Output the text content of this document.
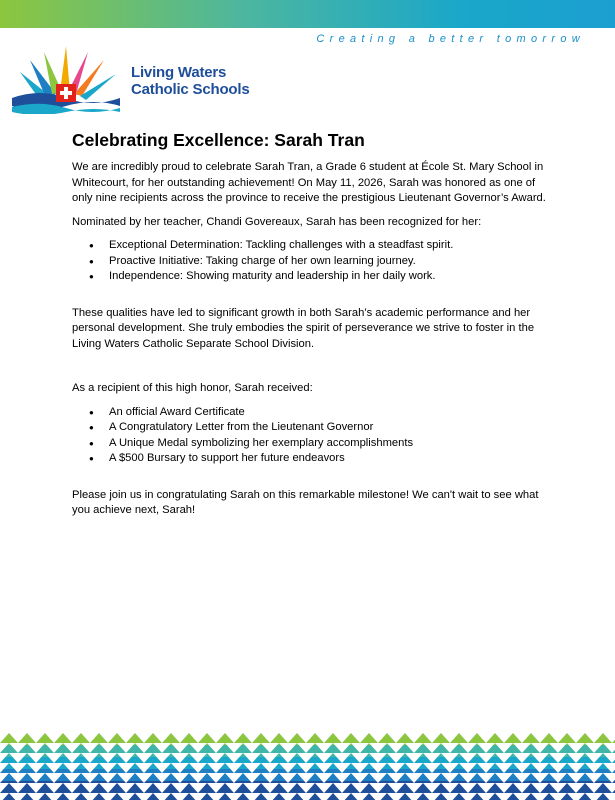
Creating a better tomorrow
Living Waters
Catholic Schools
Celebrating Excellence: Sarah Tran

We are incredibly proud to celebrate Sarah Tran, a Grade 6 student at École St. Mary School in Whitecourt, for her outstanding achievement! On May 11, 2026, Sarah was honored as one of only nine recipients across the province to receive the prestigious Lieutenant Governor’s Award.

Nominated by her teacher, Chandi Govereaux, Sarah has been recognized for her:

● Exceptional Determination: Tackling challenges with a steadfast spirit.
● Proactive Initiative: Taking charge of her own learning journey.
● Independence: Showing maturity and leadership in her daily work.

These qualities have led to significant growth in both Sarah’s academic performance and her personal development. She truly embodies the spirit of perseverance we strive to foster in the Living Waters Catholic Separate School Division.

As a recipient of this high honor, Sarah received:

● An official Award Certificate
● A Congratulatory Letter from the Lieutenant Governor
● A Unique Medal symbolizing her exemplary accomplishments
● A $500 Bursary to support her future endeavors

Please join us in congratulating Sarah on this remarkable milestone! We can't wait to see what you achieve next, Sarah!
